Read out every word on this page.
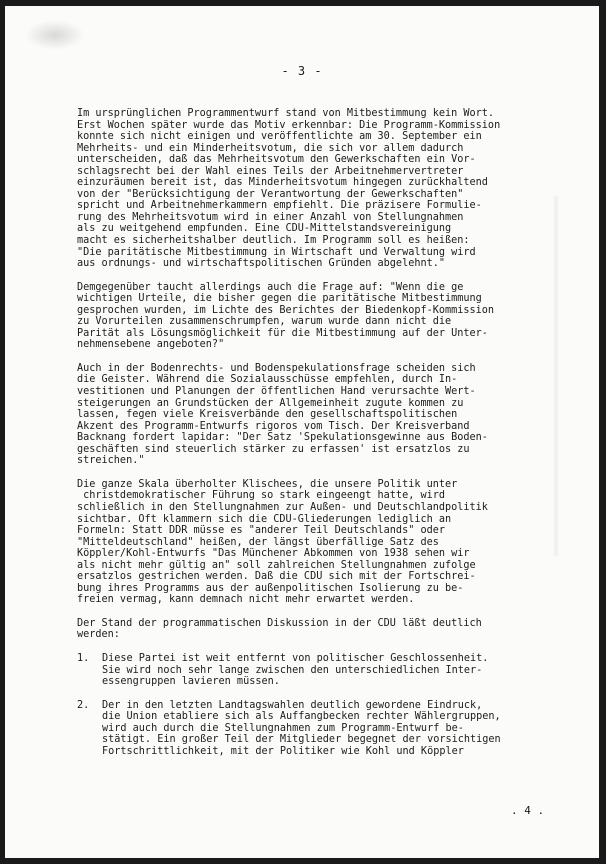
- 3 -
Im ursprünglichen Programmentwurf stand von Mitbestimmung kein Wort.
Erst Wochen später wurde das Motiv erkennbar: Die Programm-Kommission
konnte sich nicht einigen und veröffentlichte am 30. September ein
Mehrheits- und ein Minderheitsvotum, die sich vor allem dadurch
unterscheiden, daß das Mehrheitsvotum den Gewerkschaften ein Vor-
schlagsrecht bei der Wahl eines Teils der Arbeitnehmervertreter
einzuräumen bereit ist, das Minderheitsvotum hingegen zurückhaltend
von der "Berücksichtigung der Verantwortung der Gewerkschaften"
spricht und Arbeitnehmerkammern empfiehlt. Die präzisere Formulie-
rung des Mehrheitsvotum wird in einer Anzahl von Stellungnahmen
als zu weitgehend empfunden. Eine CDU-Mittelstandsvereinigung
macht es sicherheitshalber deutlich. Im Programm soll es heißen:
"Die paritätische Mitbestimmung in Wirtschaft und Verwaltung wird
aus ordnungs- und wirtschaftspolitischen Gründen abgelehnt."
Demgegenüber taucht allerdings auch die Frage auf: "Wenn die ge
wichtigen Urteile, die bisher gegen die paritätische Mitbestimmung
gesprochen wurden, im Lichte des Berichtes der Biedenkopf-Kommission
zu Vorurteilen zusammenschrumpfen, warum wurde dann nicht die
Parität als Lösungsmöglichkeit für die Mitbestimmung auf der Unter-
nehmensebene angeboten?"
Auch in der Bodenrechts- und Bodenspekulationsfrage scheiden sich
die Geister. Während die Sozialausschüsse empfehlen, durch In-
vestitionen und Planungen der öffentlichen Hand verursachte Wert-
steigerungen an Grundstücken der Allgemeinheit zugute kommen zu
lassen, fegen viele Kreisverbände den gesellschaftspolitischen
Akzent des Programm-Entwurfs rigoros vom Tisch. Der Kreisverband
Backnang fordert lapidar: "Der Satz 'Spekulationsgewinne aus Boden-
geschäften sind steuerlich stärker zu erfassen' ist ersatzlos zu
streichen."
Die ganze Skala überholter Klischees, die unsere Politik unter
christdemokratischer Führung so stark eingeengt hatte, wird
schließlich in den Stellungnahmen zur Außen- und Deutschlandpolitik
sichtbar. Oft klammern sich die CDU-Gliederungen lediglich an
Formeln: Statt DDR müsse es "anderer Teil Deutschlands" oder
"Mitteldeutschland" heißen, der längst überfällige Satz des
Köppler/Kohl-Entwurfs "Das Münchener Abkommen von 1938 sehen wir
als nicht mehr gültig an" soll zahlreichen Stellungnahmen zufolge
ersatzlos gestrichen werden. Daß die CDU sich mit der Fortschrei-
bung ihres Programms aus der außenpolitischen Isolierung zu be-
freien vermag, kann demnach nicht mehr erwartet werden.
Der Stand der programmatischen Diskussion in der CDU läßt deutlich
werden:
1. Diese Partei ist weit entfernt von politischer Geschlossenheit.
Sie wird noch sehr lange zwischen den unterschiedlichen Inter-
essengruppen lavieren müssen.
2. Der in den letzten Landtagswahlen deutlich gewordene Eindruck,
die Union etabliere sich als Auffangbecken rechter Wählergruppen,
wird auch durch die Stellungnahmen zum Programm-Entwurf be-
stätigt. Ein großer Teil der Mitglieder begegnet der vorsichtigen
Fortschrittlichkeit, mit der Politiker wie Kohl und Köppler
. 4 .
